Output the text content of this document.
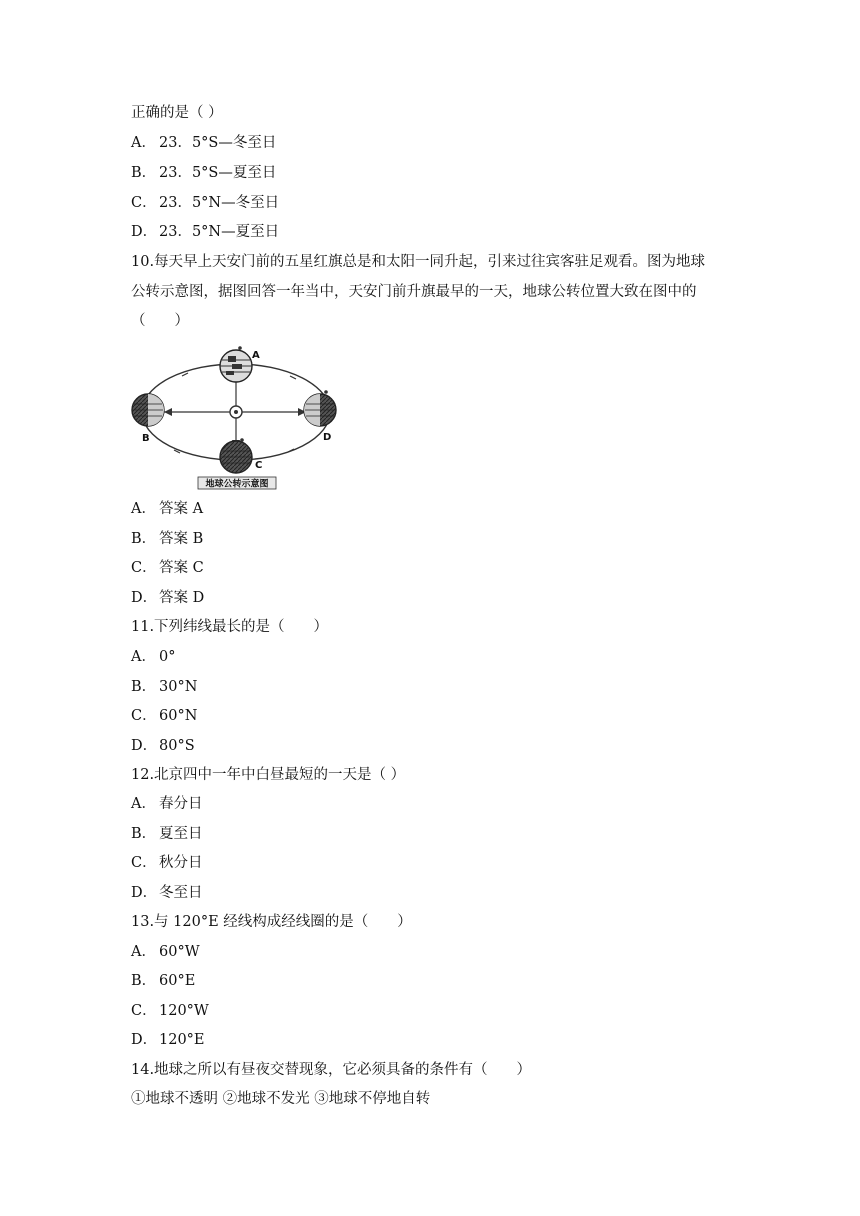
正确的是（ ）
A． 23．5°S—冬至日
B． 23．5°S—夏至日
C． 23．5°N—冬至日
D． 23．5°N—夏至日
10.每天早上天安门前的五星红旗总是和太阳一同升起，引来过往宾客驻足观看。图为地球
公转示意图，据图回答一年当中，天安门前升旗最早的一天，地球公转位置大致在图中的
（　　）
A
B
C
D
地球公转示意图
A． 答案 A
B． 答案 B
C． 答案 C
D． 答案 D
11.下列纬线最长的是（　　）
A． 0°
B． 30°N
C． 60°N
D． 80°S
12.北京四中一年中白昼最短的一天是（ ）
A． 春分日
B． 夏至日
C． 秋分日
D． 冬至日
13.与 120°E 经线构成经线圈的是（　　）
A． 60°W
B． 60°E
C． 120°W
D． 120°E
14.地球之所以有昼夜交替现象，它必须具备的条件有（　　）
①地球不透明 ②地球不发光 ③地球不停地自转
